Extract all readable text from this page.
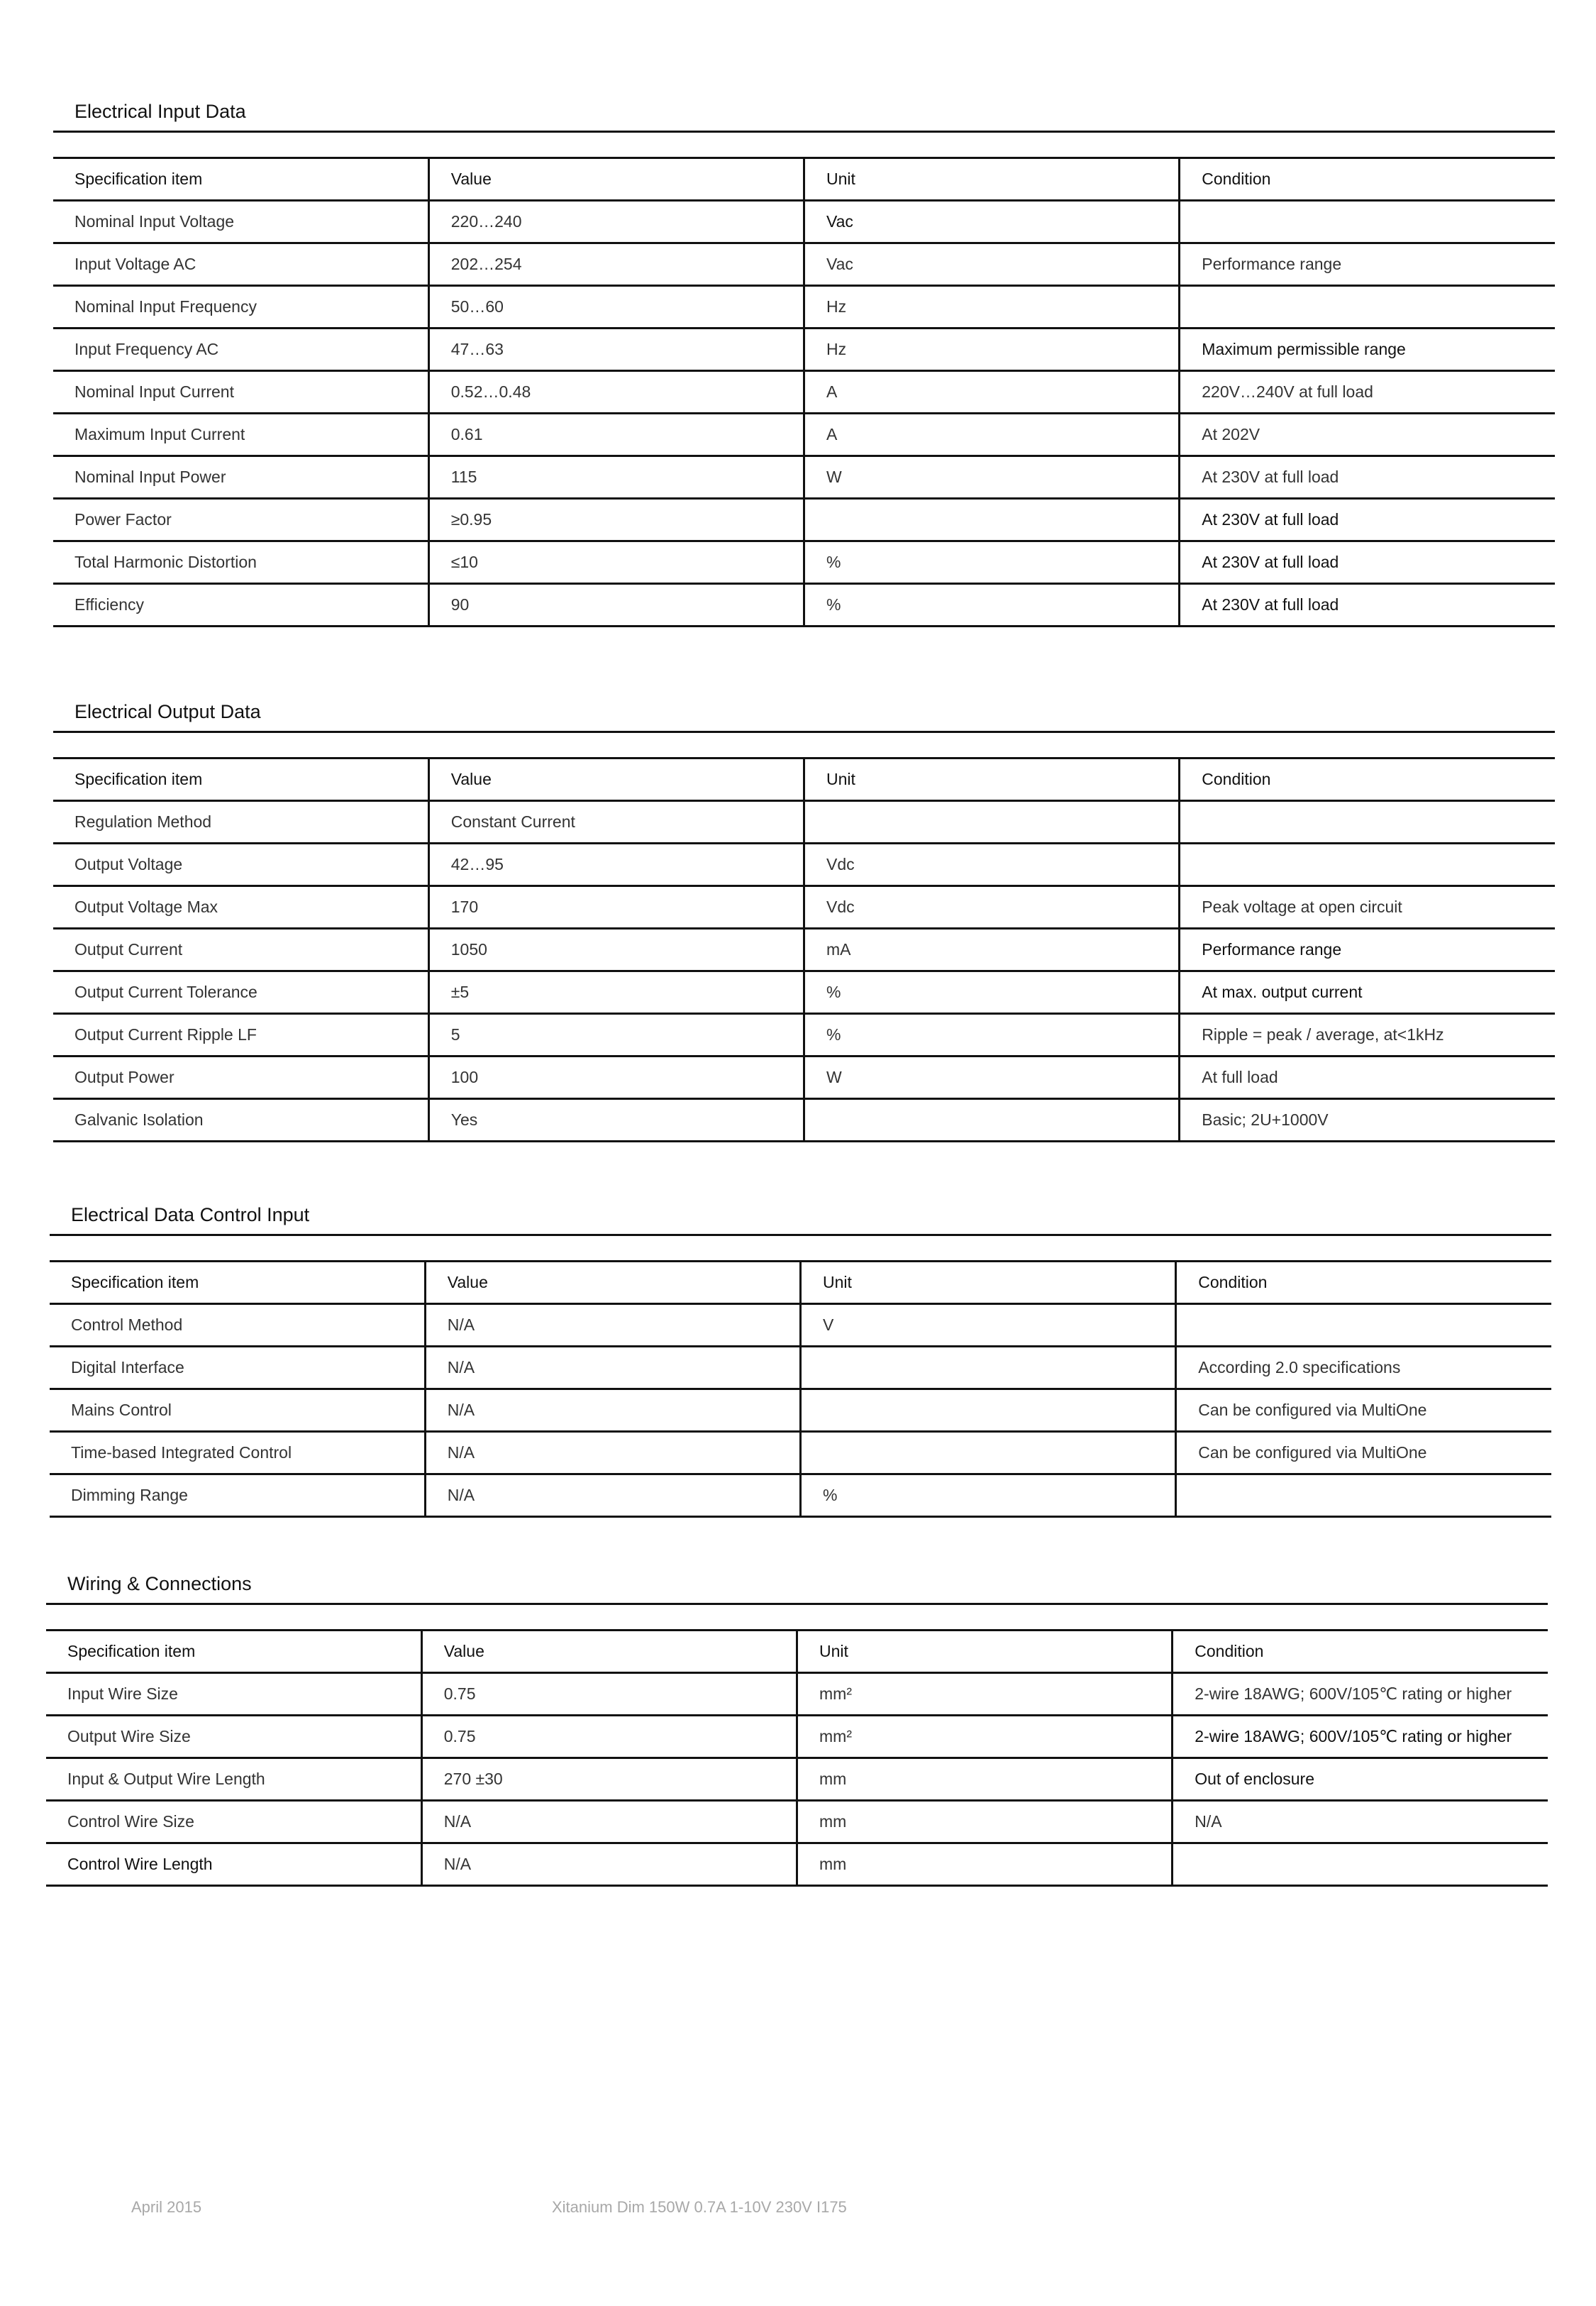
Electrical Input Data
Specification item	Value	Unit	Condition
Nominal Input Voltage	220…240	Vac	
Input Voltage AC	202…254	Vac	Performance range
Nominal Input Frequency	50…60	Hz	
Input Frequency AC	47…63	Hz	Maximum permissible range
Nominal Input Current	0.52…0.48	A	220V…240V at full load
Maximum Input Current	0.61	A	At 202V
Nominal Input Power	115	W	At 230V at full load
Power Factor	≥0.95		At 230V at full load
Total Harmonic Distortion	≤10	%	At 230V at full load
Efficiency	90	%	At 230V at full load
Electrical Output Data
Specification item	Value	Unit	Condition
Regulation Method	Constant Current		
Output Voltage	42…95	Vdc	
Output Voltage Max	170	Vdc	Peak voltage at open circuit
Output Current	1050	mA	Performance range
Output Current Tolerance	±5	%	At max. output current
Output Current Ripple LF	5	%	Ripple = peak / average, at<1kHz
Output Power	100	W	At full load
Galvanic Isolation	Yes		Basic; 2U+1000V
Electrical Data Control Input
Specification item	Value	Unit	Condition
Control Method	N/A	V	
Digital Interface	N/A		According 2.0 specifications
Mains Control	N/A		Can be configured via MultiOne
Time-based Integrated Control	N/A		Can be configured via MultiOne
Dimming Range	N/A	%	
Wiring & Connections
Specification item	Value	Unit	Condition
Input Wire Size	0.75	mm²	2-wire 18AWG; 600V/105℃ rating or higher
Output Wire Size	0.75	mm²	2-wire 18AWG; 600V/105℃ rating or higher
Input & Output Wire Length	270 ±30	mm	Out of enclosure
Control Wire Size	N/A	mm	N/A
Control Wire Length	N/A	mm	
April 2015	Xitanium Dim 150W 0.7A 1-10V 230V I175
